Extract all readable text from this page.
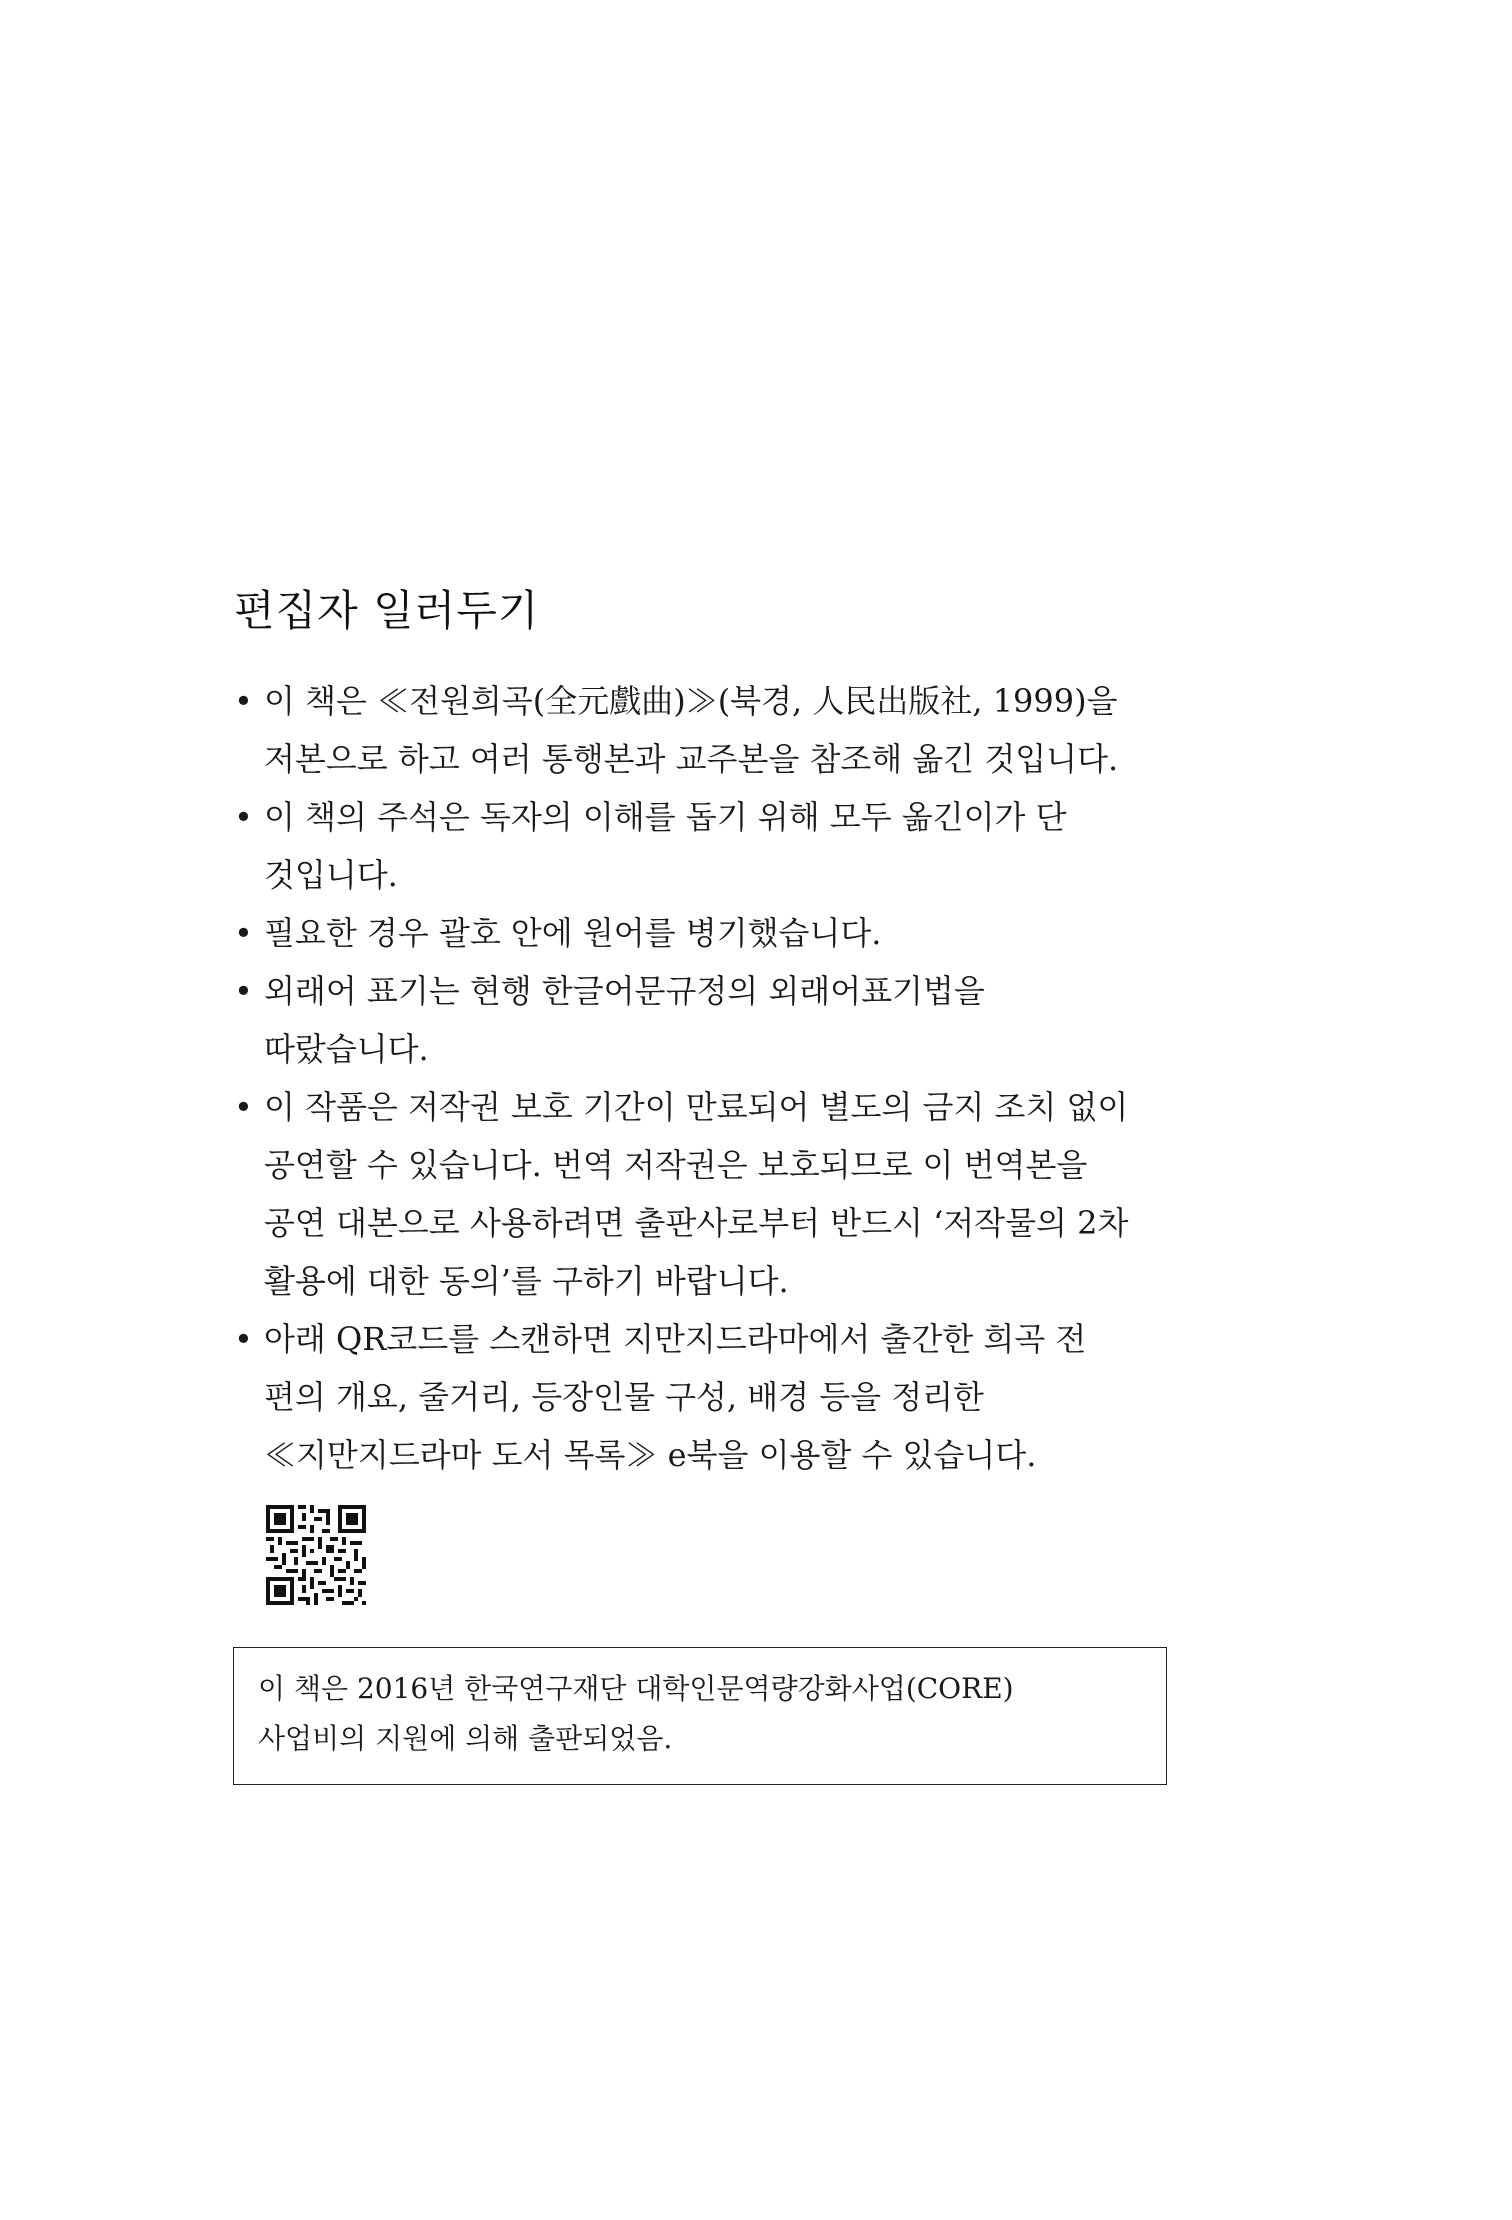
편집자 일러두기
• 이 책은 ≪전원희곡(全元戲曲)≫(북경, 人民出版社, 1999)을
저본으로 하고 여러 통행본과 교주본을 참조해 옮긴 것입니다.
• 이 책의 주석은 독자의 이해를 돕기 위해 모두 옮긴이가 단
것입니다.
• 필요한 경우 괄호 안에 원어를 병기했습니다.
• 외래어 표기는 현행 한글어문규정의 외래어표기법을
따랐습니다.
• 이 작품은 저작권 보호 기간이 만료되어 별도의 금지 조치 없이
공연할 수 있습니다. 번역 저작권은 보호되므로 이 번역본을
공연 대본으로 사용하려면 출판사로부터 반드시 ‘저작물의 2차
활용에 대한 동의’를 구하기 바랍니다.
• 아래 QR코드를 스캔하면 지만지드라마에서 출간한 희곡 전
편의 개요, 줄거리, 등장인물 구성, 배경 등을 정리한
≪지만지드라마 도서 목록≫ e북을 이용할 수 있습니다.
이 책은 2016년 한국연구재단 대학인문역량강화사업(CORE)
사업비의 지원에 의해 출판되었음.
